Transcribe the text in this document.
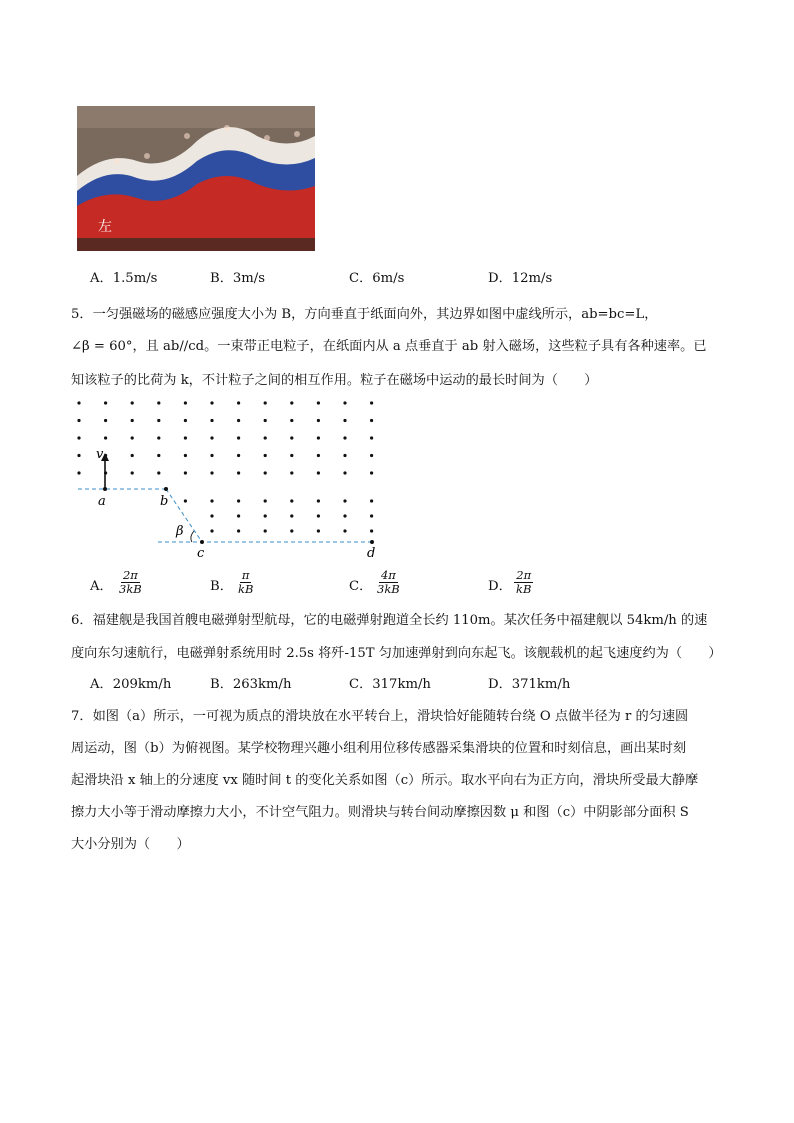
左
A．1.5m/s	B．3m/s	C．6m/s	D．12m/s
5．一匀强磁场的磁感应强度大小为 B，方向垂直于纸面向外，其边界如图中虚线所示，ab=bc=L，
∠β = 60°，且 ab//cd。一束带正电粒子，在纸面内从 a 点垂直于 ab 射入磁场，这些粒子具有各种速率。已
知该粒子的比荷为 k，不计粒子之间的相互作用。粒子在磁场中运动的最长时间为（　　）
v
a	b
β
c	d
A． $\frac{2\pi}{3kB}$	B． $\frac{\pi}{kB}$	C． $\frac{4\pi}{3kB}$	D． $\frac{2\pi}{kB}$
6．福建舰是我国首艘电磁弹射型航母，它的电磁弹射跑道全长约 110m。某次任务中福建舰以 54km/h 的速
度向东匀速航行，电磁弹射系统用时 2.5s 将歼-15T 匀加速弹射到向东起飞。该舰载机的起飞速度约为（　　）
A．209km/h	B．263km/h	C．317km/h	D．371km/h
7．如图（a）所示，一可视为质点的滑块放在水平转台上，滑块恰好能随转台绕 O 点做半径为 r 的匀速圆
周运动，图（b）为俯视图。某学校物理兴趣小组利用位移传感器采集滑块的位置和时刻信息，画出某时刻
起滑块沿 x 轴上的分速度 vx 随时间 t 的变化关系如图（c）所示。取水平向右为正方向，滑块所受最大静摩
擦力大小等于滑动摩擦力大小，不计空气阻力。则滑块与转台间动摩擦因数 μ 和图（c）中阴影部分面积 S
大小分别为（　　）
